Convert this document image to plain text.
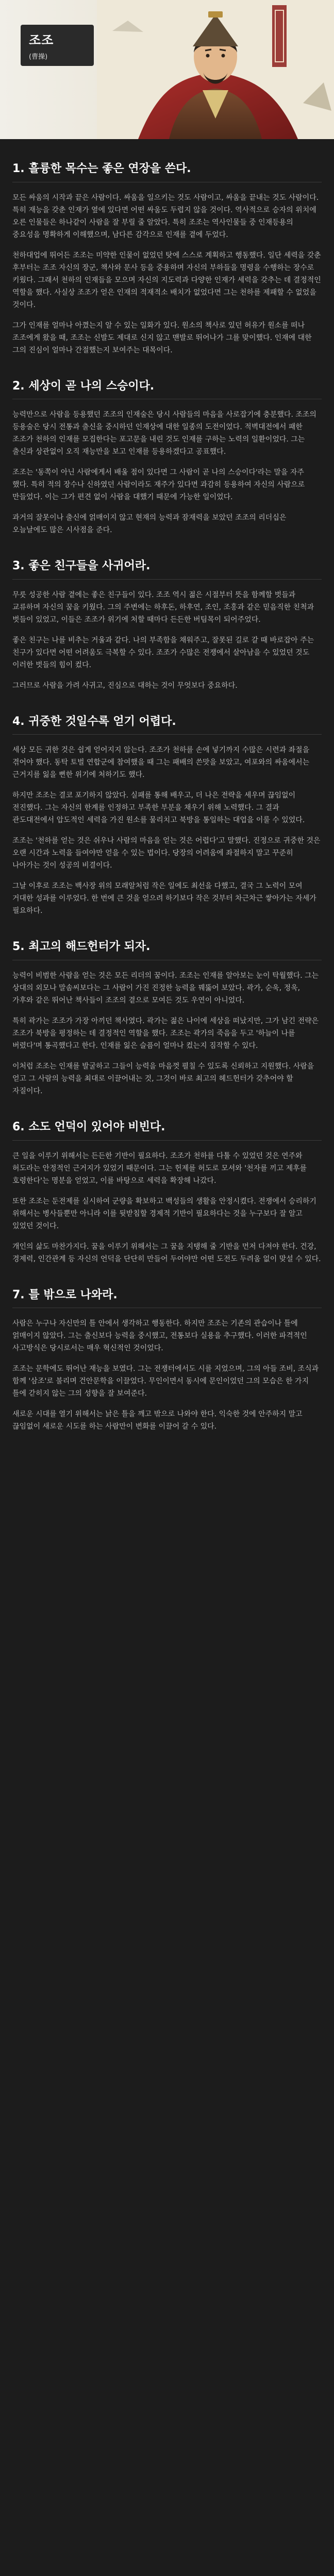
조조
(曹操)
1. 흘륭한 목수는 좋은 연장을 쓴다.

모든 싸움의 시작과 끝은 사람이다. 싸움을 일으키는 것도 사람이고, 싸움을 끝내는 것도 사람이다. 특히 재능을 갖춘 인재가 옆에 있다면 어떤 싸움도 두렵지 않을 것이다. 역사적으로 승자의 위치에 오른 인물들은 하나같이 사람을 잘 부릴 줄 알았다. 특히 조조는 역사인물들 중 인재등용의 중요성을 명확하게 이해했으며, 남다른 감각으로 인재를 곁에 두었다.

천하대업에 뛰어든 조조는 미약한 인물이 없었던 탓에 스스로 계획하고 행동했다. 일단 세력을 갖춘 후부터는 조조 자신의 장군, 책사와 문사 등을 중용하며 자신의 부하들을 명령을 수행하는 장수로 키웠다. 그래서 천하의 인재들을 모으며 자신의 지도력과 다양한 인재가 세력을 갖추는 데 결정적인 역할을 했다. 사실상 조조가 얻은 인재의 적재적소 배치가 없었다면 그는 천하를 제패할 수 없었을 것이다.

그가 인재를 얼마나 아꼈는지 알 수 있는 일화가 있다. 원소의 책사로 있던 허유가 원소를 떠나 조조에게 왔을 때, 조조는 신발도 제대로 신지 않고 맨발로 뛰어나가 그를 맞이했다. 인재에 대한 그의 진심이 얼마나 간절했는지 보여주는 대목이다.

2. 세상이 곧 나의 스승이다.

능력만으로 사람을 등용했던 조조의 인재술은 당시 사람들의 마음을 사로잡기에 충분했다. 조조의 등용술은 당시 전통과 출신을 중시하던 인재상에 대한 일종의 도전이었다. 적벽대전에서 패한 조조가 천하의 인재를 모집한다는 포고문을 내린 것도 인재를 구하는 노력의 일환이었다. 그는 출신과 상관없이 오직 재능만을 보고 인재를 등용하겠다고 공표했다.

조조는 '동쪽이 아닌 사람에게서 배울 점이 있다면 그 사람이 곧 나의 스승이다'라는 말을 자주 했다. 특히 적의 장수나 신하였던 사람이라도 재주가 있다면 과감히 등용하여 자신의 사람으로 만들었다. 이는 그가 편견 없이 사람을 대했기 때문에 가능한 일이었다.

과거의 잘못이나 출신에 얽매이지 않고 현재의 능력과 잠재력을 보았던 조조의 리더십은 오늘날에도 많은 시사점을 준다.

3. 좋은 친구들을 사귀어라.

무릇 성공한 사람 곁에는 좋은 친구들이 있다. 조조 역시 젊은 시절부터 뜻을 함께할 벗들과 교류하며 자신의 꿈을 키웠다. 그의 주변에는 하후돈, 하후연, 조인, 조홍과 같은 믿음직한 친척과 벗들이 있었고, 이들은 조조가 위기에 처할 때마다 든든한 버팀목이 되어주었다.

좋은 친구는 나를 비추는 거울과 같다. 나의 부족함을 채워주고, 잘못된 길로 갈 때 바로잡아 주는 친구가 있다면 어떤 어려움도 극복할 수 있다. 조조가 수많은 전쟁에서 살아남을 수 있었던 것도 이러한 벗들의 힘이 컸다.

그러므로 사람을 가려 사귀고, 진심으로 대하는 것이 무엇보다 중요하다.

4. 귀중한 것일수록 얻기 어렵다.

세상 모든 귀한 것은 쉽게 얻어지지 않는다. 조조가 천하를 손에 넣기까지 수많은 시련과 좌절을 겪어야 했다. 동탁 토벌 연합군에 참여했을 때 그는 패배의 쓴맛을 보았고, 여포와의 싸움에서는 근거지를 잃을 뻔한 위기에 처하기도 했다.

하지만 조조는 결코 포기하지 않았다. 실패를 통해 배우고, 더 나은 전략을 세우며 끊임없이 전진했다. 그는 자신의 한계를 인정하고 부족한 부분을 채우기 위해 노력했다. 그 결과 관도대전에서 압도적인 세력을 가진 원소를 물리치고 북방을 통일하는 대업을 이룰 수 있었다.

조조는 '천하를 얻는 것은 쉬우나 사람의 마음을 얻는 것은 어렵다'고 말했다. 진정으로 귀중한 것은 오랜 시간과 노력을 들여야만 얻을 수 있는 법이다. 당장의 어려움에 좌절하지 말고 꾸준히 나아가는 것이 성공의 비결이다.

그날 이후로 조조는 백사장 위의 모래알처럼 작은 일에도 최선을 다했고, 결국 그 노력이 모여 거대한 성과를 이루었다. 한 번에 큰 것을 얻으려 하기보다 작은 것부터 차근차근 쌓아가는 자세가 필요하다.

5. 최고의 해드헌터가 되자.

능력이 비범한 사람을 얻는 것은 모든 리더의 꿈이다. 조조는 인재를 알아보는 눈이 탁월했다. 그는 상대의 외모나 말솜씨보다는 그 사람이 가진 진정한 능력을 꿰뚫어 보았다. 곽가, 순욱, 정욱, 가후와 같은 뛰어난 책사들이 조조의 곁으로 모여든 것도 우연이 아니었다.

특히 곽가는 조조가 가장 아끼던 책사였다. 곽가는 젊은 나이에 세상을 떠났지만, 그가 남긴 전략은 조조가 북방을 평정하는 데 결정적인 역할을 했다. 조조는 곽가의 죽음을 두고 '하늘이 나를 버렸다'며 통곡했다고 한다. 인재를 잃은 슬픔이 얼마나 컸는지 짐작할 수 있다.

이처럼 조조는 인재를 발굴하고 그들이 능력을 마음껏 펼칠 수 있도록 신뢰하고 지원했다. 사람을 얻고 그 사람의 능력을 최대로 이끌어내는 것, 그것이 바로 최고의 헤드헌터가 갖추어야 할 자질이다.

6. 소도 언덕이 있어야 비빈다.

큰 일을 이루기 위해서는 든든한 기반이 필요하다. 조조가 천하를 다툴 수 있었던 것은 연주와 허도라는 안정적인 근거지가 있었기 때문이다. 그는 헌제를 허도로 모셔와 '천자를 끼고 제후를 호령한다'는 명분을 얻었고, 이를 바탕으로 세력을 확장해 나갔다.

또한 조조는 둔전제를 실시하여 군량을 확보하고 백성들의 생활을 안정시켰다. 전쟁에서 승리하기 위해서는 병사들뿐만 아니라 이를 뒷받침할 경제적 기반이 필요하다는 것을 누구보다 잘 알고 있었던 것이다.

개인의 삶도 마찬가지다. 꿈을 이루기 위해서는 그 꿈을 지탱해 줄 기반을 먼저 다져야 한다. 건강, 경제력, 인간관계 등 자신의 언덕을 단단히 만들어 두어야만 어떤 도전도 두려움 없이 맞설 수 있다.

7. 틀 밖으로 나와라.

사람은 누구나 자신만의 틀 안에서 생각하고 행동한다. 하지만 조조는 기존의 관습이나 틀에 얽매이지 않았다. 그는 출신보다 능력을 중시했고, 전통보다 실용을 추구했다. 이러한 파격적인 사고방식은 당시로서는 매우 혁신적인 것이었다.

조조는 문학에도 뛰어난 재능을 보였다. 그는 전쟁터에서도 시를 지었으며, 그의 아들 조비, 조식과 함께 '삼조'로 불리며 건안문학을 이끌었다. 무인이면서 동시에 문인이었던 그의 모습은 한 가지 틀에 갇히지 않는 그의 성향을 잘 보여준다.

새로운 시대를 열기 위해서는 낡은 틀을 깨고 밖으로 나와야 한다. 익숙한 것에 안주하지 말고 끊임없이 새로운 시도를 하는 사람만이 변화를 이끌어 갈 수 있다.
